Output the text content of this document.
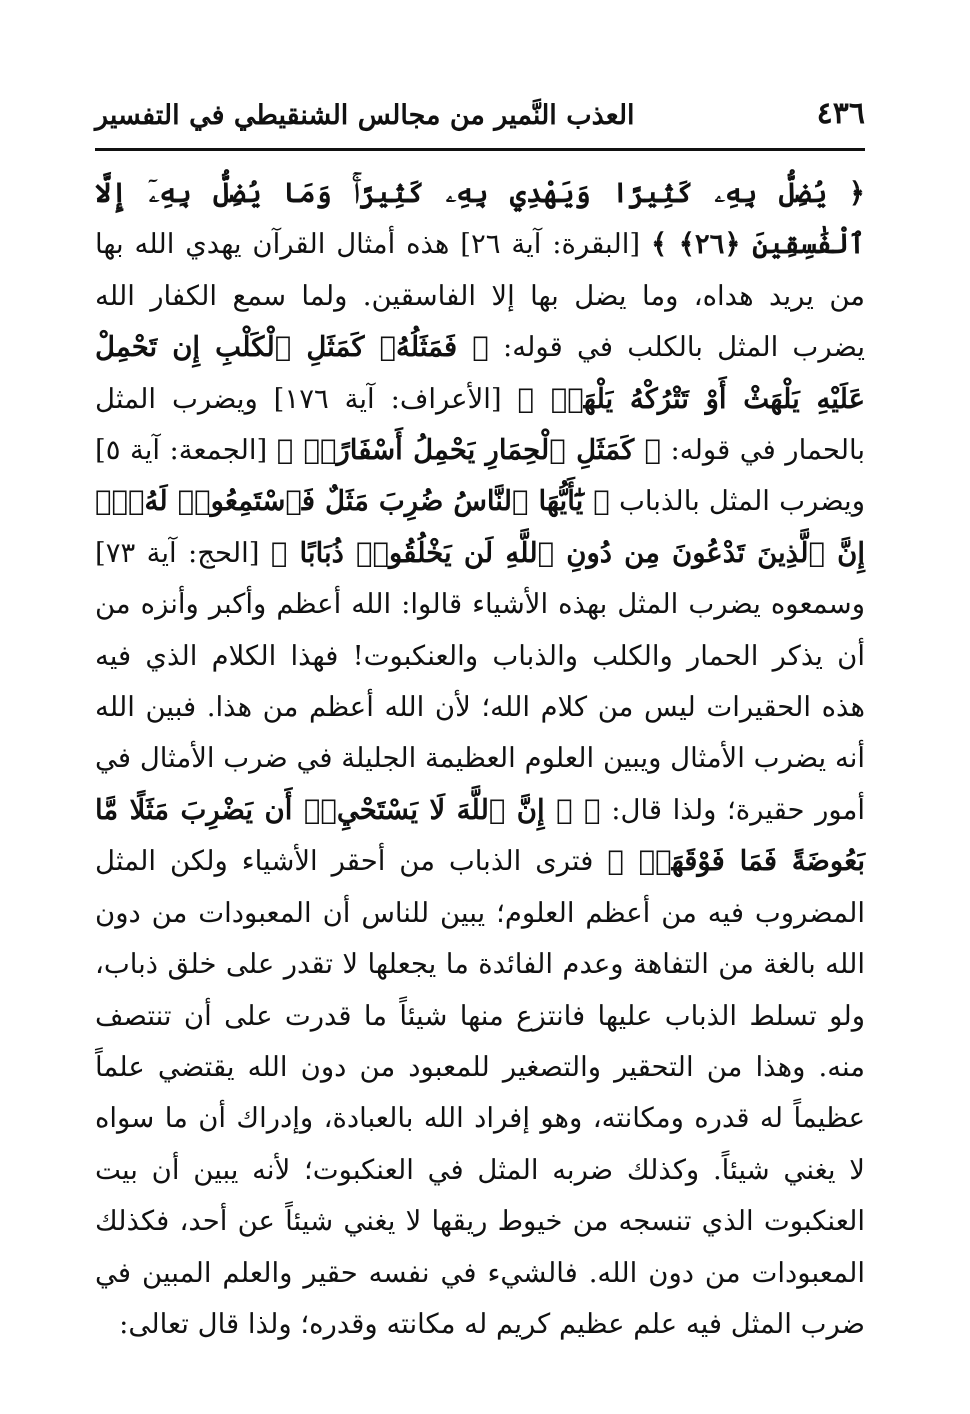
٤٣٦
العذب النَّمير من مجالس الشنقيطي في التفسير

﴿ يُضِلُّ بِهِۦ كَثِيرًا وَيَهْدِي بِهِۦ كَثِيرًاۚ وَمَا يُضِلُّ بِهِۦٓ إِلَّا ٱلْفَٰسِقِينَ ﴿٢٦﴾ ﴾ [البقرة: آية ٢٦] هذه أمثال القرآن يهدي الله بها من يريد هداه، وما يضل بها إلا الفاسقين. ولما سمع الكفار الله يضرب المثل بالكلب في قوله: ﴿ فَمَثَلُهُۥ كَمَثَلِ ٱلْكَلْبِ إِن تَحْمِلْ عَلَيْهِ يَلْهَثْ أَوْ تَتْرُكْهُ يَلْهَثۚ ﴾ [الأعراف: آية ١٧٦] ويضرب المثل بالحمار في قوله: ﴿ كَمَثَلِ ٱلْحِمَارِ يَحْمِلُ أَسْفَارًاۚ ﴾ [الجمعة: آية ٥] ويضرب المثل بالذباب ﴿ يَٰٓأَيُّهَا ٱلنَّاسُ ضُرِبَ مَثَلٌ فَٱسْتَمِعُوا۟ لَهُۥٓۚ إِنَّ ٱلَّذِينَ تَدْعُونَ مِن دُونِ ٱللَّهِ لَن يَخْلُقُوا۟ ذُبَابًا ﴾ [الحج: آية ٧٣] وسمعوه يضرب المثل بهذه الأشياء قالوا: الله أعظم وأكبر وأنزه من أن يذكر الحمار والكلب والذباب والعنكبوت! فهذا الكلام الذي فيه هذه الحقيرات ليس من كلام الله؛ لأن الله أعظم من هذا. فبين الله أنه يضرب الأمثال ويبين العلوم العظيمة الجليلة في ضرب الأمثال في أمور حقيرة؛ ولذا قال: ﴿ ۞ إِنَّ ٱللَّهَ لَا يَسْتَحْيِۦٓ أَن يَضْرِبَ مَثَلًا مَّا بَعُوضَةً فَمَا فَوْقَهَاۚ ﴾ فترى الذباب من أحقر الأشياء ولكن المثل المضروب فيه من أعظم العلوم؛ يبين للناس أن المعبودات من دون الله بالغة من التفاهة وعدم الفائدة ما يجعلها لا تقدر على خلق ذباب، ولو تسلط الذباب عليها فانتزع منها شيئاً ما قدرت على أن تنتصف منه. وهذا من التحقير والتصغير للمعبود من دون الله يقتضي علماً عظيماً له قدره ومكانته، وهو إفراد الله بالعبادة، وإدراك أن ما سواه لا يغني شيئاً. وكذلك ضربه المثل في العنكبوت؛ لأنه يبين أن بيت العنكبوت الذي تنسجه من خيوط ريقها لا يغني شيئاً عن أحد، فكذلك المعبودات من دون الله. فالشيء في نفسه حقير والعلم المبين في ضرب المثل فيه علم عظيم كريم له مكانته وقدره؛ ولذا قال تعالى:
